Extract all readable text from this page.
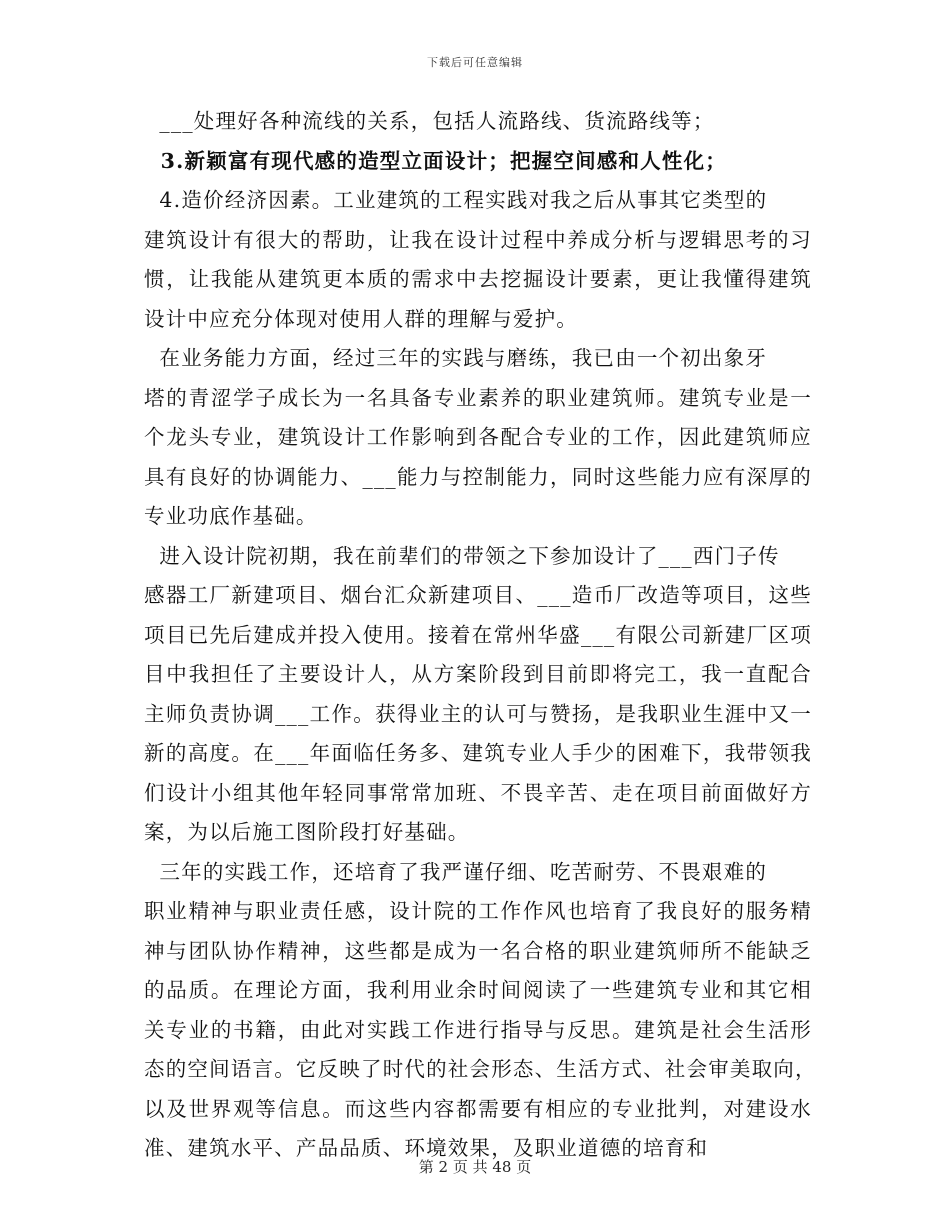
下载后可任意编辑
___处理好各种流线的关系，包括人流路线、货流路线等；
3.新颖富有现代感的造型立面设计；把握空间感和人性化；
4.造价经济因素。工业建筑的工程实践对我之后从事其它类型的
建筑设计有很大的帮助，让我在设计过程中养成分析与逻辑思考的习
惯，让我能从建筑更本质的需求中去挖掘设计要素，更让我懂得建筑
设计中应充分体现对使用人群的理解与爱护。
在业务能力方面，经过三年的实践与磨练，我已由一个初出象牙
塔的青涩学子成长为一名具备专业素养的职业建筑师。建筑专业是一
个龙头专业，建筑设计工作影响到各配合专业的工作，因此建筑师应
具有良好的协调能力、___能力与控制能力，同时这些能力应有深厚的
专业功底作基础。
进入设计院初期，我在前辈们的带领之下参加设计了___西门子传
感器工厂新建项目、烟台汇众新建项目、___造币厂改造等项目，这些
项目已先后建成并投入使用。接着在常州华盛___有限公司新建厂区项
目中我担任了主要设计人，从方案阶段到目前即将完工，我一直配合
主师负责协调___工作。获得业主的认可与赞扬，是我职业生涯中又一
新的高度。在___年面临任务多、建筑专业人手少的困难下，我带领我
们设计小组其他年轻同事常常加班、不畏辛苦、走在项目前面做好方
案，为以后施工图阶段打好基础。
三年的实践工作，还培育了我严谨仔细、吃苦耐劳、不畏艰难的
职业精神与职业责任感，设计院的工作作风也培育了我良好的服务精
神与团队协作精神，这些都是成为一名合格的职业建筑师所不能缺乏
的品质。在理论方面，我利用业余时间阅读了一些建筑专业和其它相
关专业的书籍，由此对实践工作进行指导与反思。建筑是社会生活形
态的空间语言。它反映了时代的社会形态、生活方式、社会审美取向，
以及世界观等信息。而这些内容都需要有相应的专业批判，对建设水
准、建筑水平、产品品质、环境效果，及职业道德的培育和
第 2 页 共 48 页
